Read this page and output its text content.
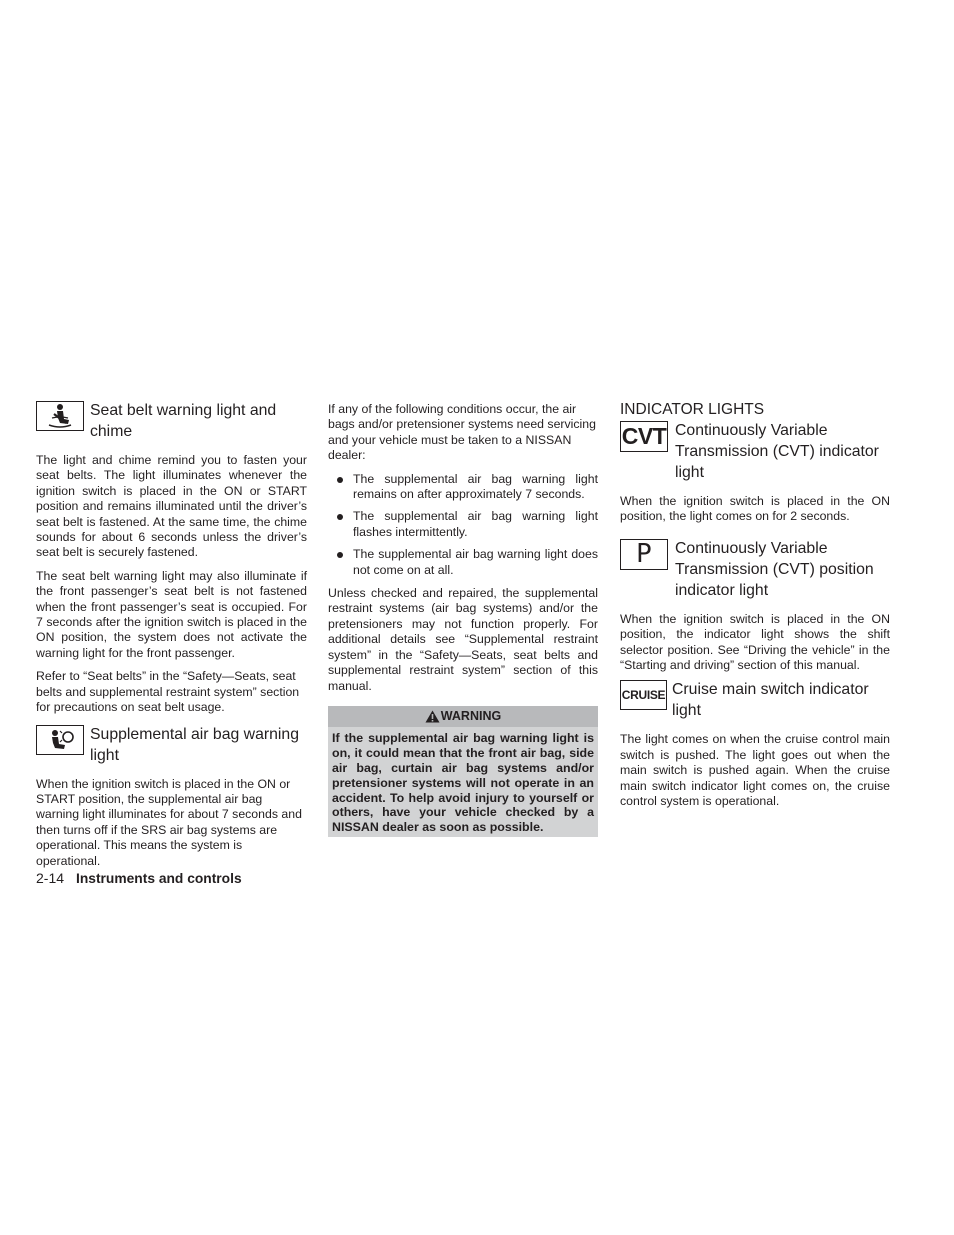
Seat belt warning light and chime

The light and chime remind you to fasten your seat belts. The light illuminates whenever the ignition switch is placed in the ON or START position and remains illuminated until the driver’s seat belt is fastened. At the same time, the chime sounds for about 6 seconds unless the driver’s seat belt is securely fastened.

The seat belt warning light may also illuminate if the front passenger’s seat belt is not fastened when the front passenger’s seat is occupied. For 7 seconds after the ignition switch is placed in the ON position, the system does not activate the warning light for the front passenger.

Refer to “Seat belts” in the “Safety—Seats, seat belts and supplemental restraint system” section for precautions on seat belt usage.

Supplemental air bag warning light

When the ignition switch is placed in the ON or START position, the supplemental air bag warning light illuminates for about 7 seconds and then turns off if the SRS air bag systems are operational. This means the system is operational.

If any of the following conditions occur, the air bags and/or pretensioner systems need servicing and your vehicle must be taken to a NISSAN dealer:

The supplemental air bag warning light remains on after approximately 7 seconds.
The supplemental air bag warning light flashes intermittently.
The supplemental air bag warning light does not come on at all.

Unless checked and repaired, the supplemental restraint systems (air bag systems) and/or the pretensioners may not function properly. For additional details see “Supplemental restraint system” in the “Safety—Seats, seat belts and supplemental restraint system” section of this manual.

WARNING

If the supplemental air bag warning light is on, it could mean that the front air bag, side air bag, curtain air bag systems and/or pretensioner systems will not operate in an accident. To help avoid injury to yourself or others, have your vehicle checked by a NISSAN dealer as soon as possible.

INDICATOR LIGHTS
CVT Continuously Variable Transmission (CVT) indicator light

When the ignition switch is placed in the ON position, the light comes on for 2 seconds.

P Continuously Variable Transmission (CVT) position indicator light

When the ignition switch is placed in the ON position, the indicator light shows the shift selector position. See “Driving the vehicle” in the “Starting and driving” section of this manual.

CRUISE Cruise main switch indicator light

The light comes on when the cruise control main switch is pushed. The light goes out when the main switch is pushed again. When the cruise main switch indicator light comes on, the cruise control system is operational.

2-14 Instruments and controls
